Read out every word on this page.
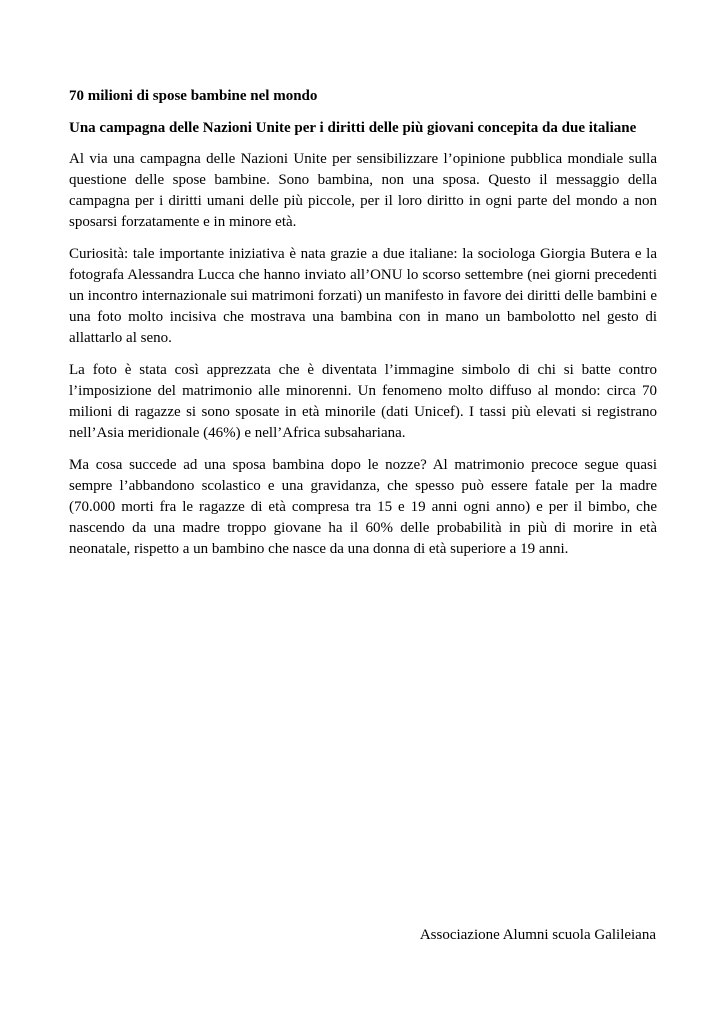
70 milioni di spose bambine nel mondo
Una campagna delle Nazioni Unite per i diritti delle più giovani concepita da due italiane

Al via una campagna delle Nazioni Unite per sensibilizzare l’opinione pubblica mondiale sulla questione delle spose bambine. Sono bambina, non una sposa. Questo il messaggio della campagna per i diritti umani delle più piccole, per il loro diritto in ogni parte del mondo a non sposarsi forzatamente e in minore età.

Curiosità: tale importante iniziativa è nata grazie a due italiane: la sociologa Giorgia Butera e la fotografa Alessandra Lucca che hanno inviato all’ONU lo scorso settembre (nei giorni precedenti un incontro internazionale sui matrimoni forzati) un manifesto in favore dei diritti delle bambini e una foto molto incisiva che mostrava una bambina con in mano un bambolotto nel gesto di allattarlo al seno.

La foto è stata così apprezzata che è diventata l’immagine simbolo di chi si batte contro l’imposizione del matrimonio alle minorenni. Un fenomeno molto diffuso al mondo: circa 70 milioni di ragazze si sono sposate in età minorile (dati Unicef). I tassi più elevati si registrano nell’Asia meridionale (46%) e nell’Africa subsahariana.

Ma cosa succede ad una sposa bambina dopo le nozze? Al matrimonio precoce segue quasi sempre l’abbandono scolastico e una gravidanza, che spesso può essere fatale per la madre (70.000 morti fra le ragazze di età compresa tra 15 e 19 anni ogni anno) e per il bimbo, che nascendo da una madre troppo giovane ha il 60% delle probabilità in più di morire in età neonatale, rispetto a un bambino che nasce da una donna di età superiore a 19 anni.

Associazione Alumni scuola Galileiana
